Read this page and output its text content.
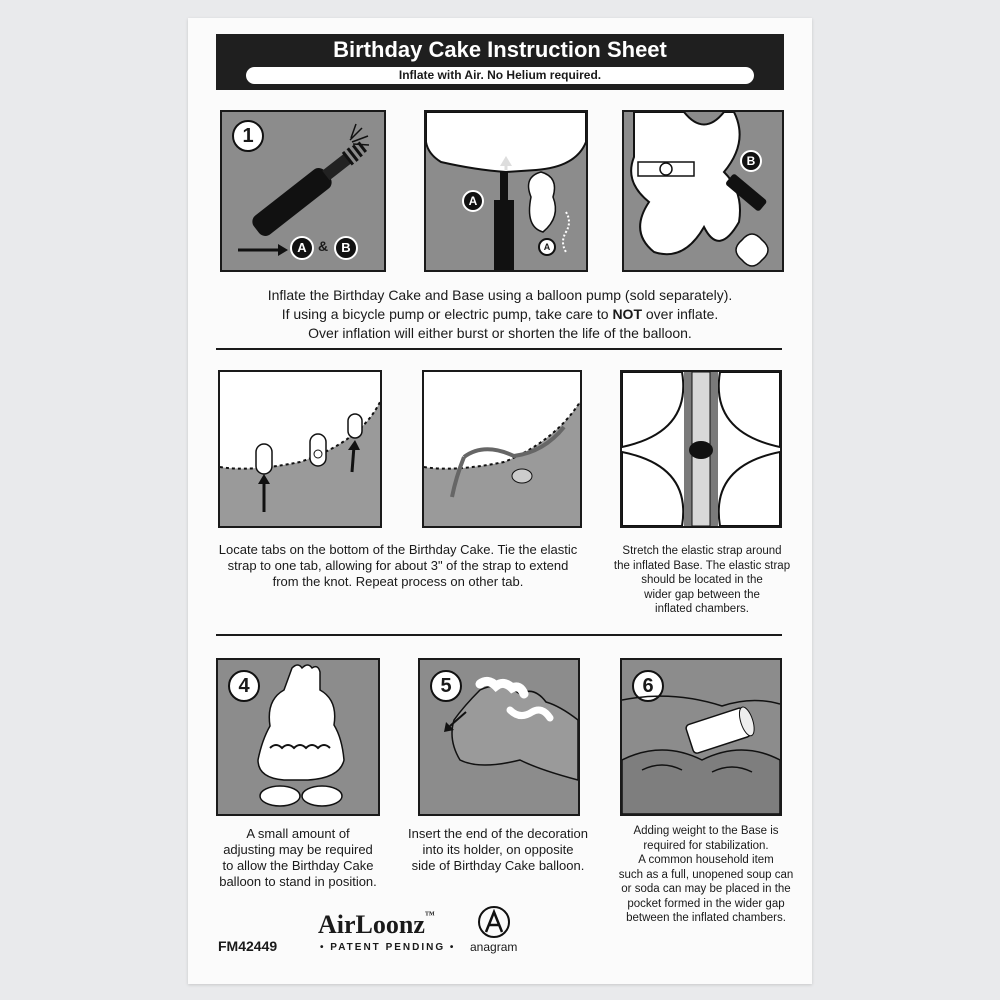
Birthday Cake Instruction Sheet
Inflate with Air. No Helium required.
1
A &	B
A
A
B
Inflate the Birthday Cake and Base using a balloon pump (sold separately).
If using a bicycle pump or electric pump, take care to NOT over inflate.
Over inflation will either burst or shorten the life of the balloon.
Locate tabs on the bottom of the Birthday Cake. Tie the elastic
strap to one tab, allowing for about 3" of the strap to extend
from the knot. Repeat process on other tab.
Stretch the elastic strap around
the inflated Base. The elastic strap
should be located in the
wider gap between the
inflated chambers.
4	5	6
A small amount of
adjusting may be required
to allow the Birthday Cake
balloon to stand in position.
Insert the end of the decoration
into its holder, on opposite
side of Birthday Cake balloon.
Adding weight to the Base is
required for stabilization.
A common household item
such as a full, unopened soup can
or soda can may be placed in the
pocket formed in the wider gap
between the inflated chambers.
FM42449
AirLoonz™
• PATENT PENDING • anagram
